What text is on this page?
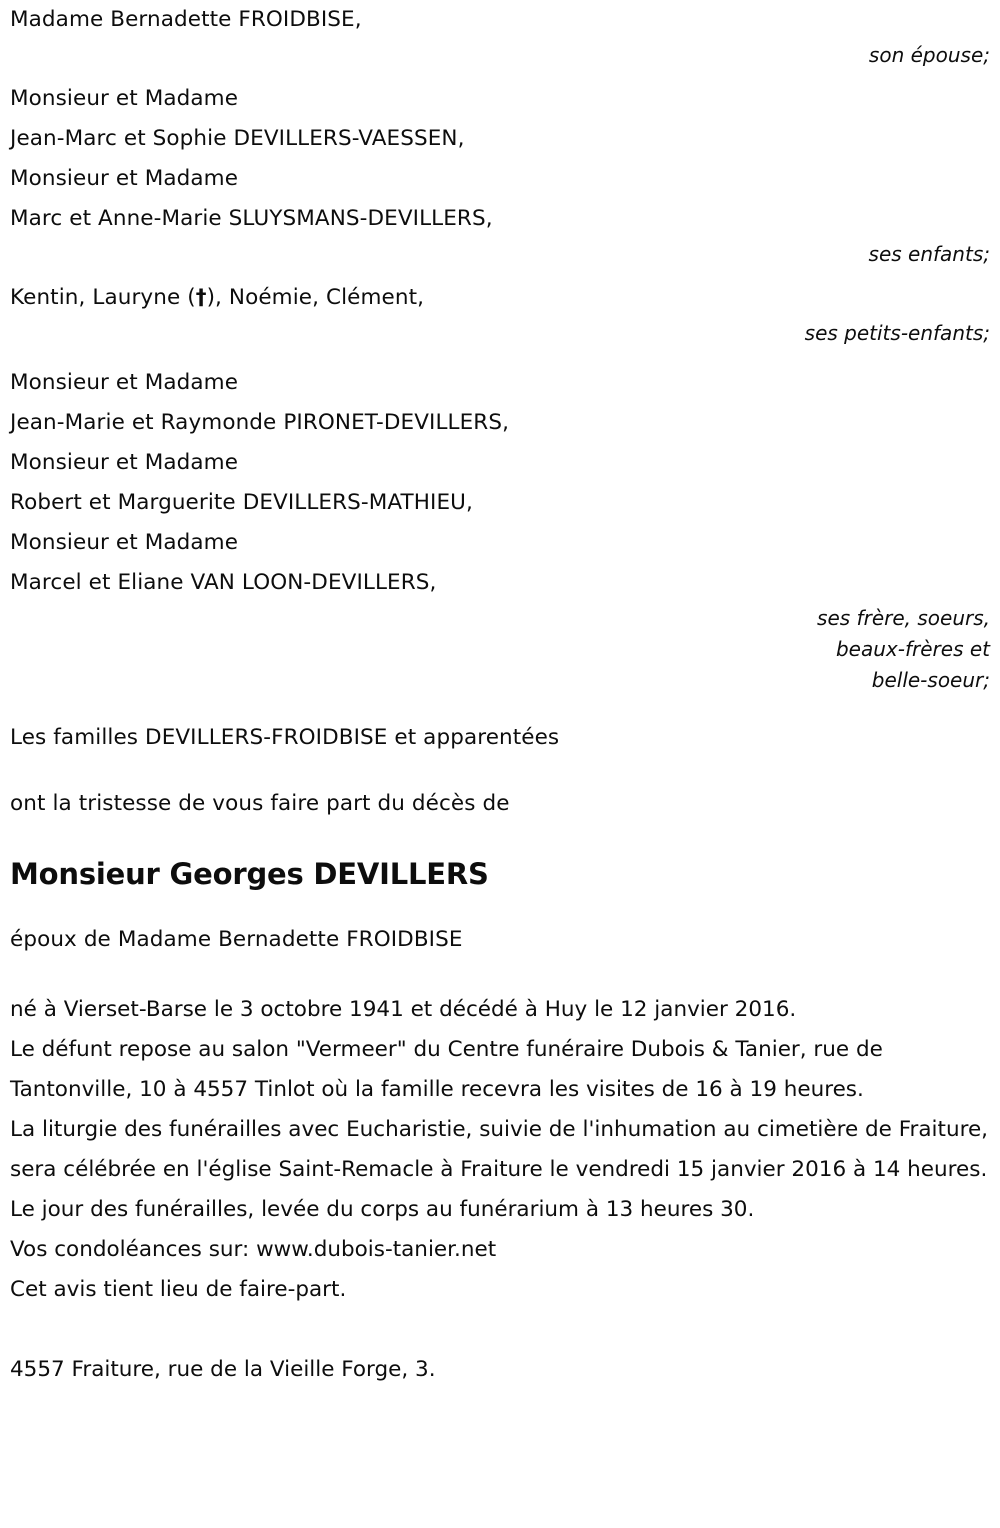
Madame Bernadette FROIDBISE,
son épouse;
Monsieur et Madame
Jean-Marc et Sophie DEVILLERS-VAESSEN,
Monsieur et Madame
Marc et Anne-Marie SLUYSMANS-DEVILLERS,
ses enfants;
Kentin, Lauryne (†), Noémie, Clément,
ses petits-enfants;
Monsieur et Madame
Jean-Marie et Raymonde PIRONET-DEVILLERS,
Monsieur et Madame
Robert et Marguerite DEVILLERS-MATHIEU,
Monsieur et Madame
Marcel et Eliane VAN LOON-DEVILLERS,
ses frère, soeurs,
beaux-frères et
belle-soeur;
Les familles DEVILLERS-FROIDBISE et apparentées
ont la tristesse de vous faire part du décès de
Monsieur Georges DEVILLERS
époux de Madame Bernadette FROIDBISE
né à Vierset-Barse le 3 octobre 1941 et décédé à Huy le 12 janvier 2016.
Le défunt repose au salon "Vermeer" du Centre funéraire Dubois & Tanier, rue de Tantonville, 10 à 4557 Tinlot où la famille recevra les visites de 16 à 19 heures.
La liturgie des funérailles avec Eucharistie, suivie de l'inhumation au cimetière de Fraiture, sera célébrée en l'église Saint-Remacle à Fraiture le vendredi 15 janvier 2016 à 14 heures.
Le jour des funérailles, levée du corps au funérarium à 13 heures 30.
Vos condoléances sur: www.dubois-tanier.net
Cet avis tient lieu de faire-part.
4557 Fraiture, rue de la Vieille Forge, 3.
